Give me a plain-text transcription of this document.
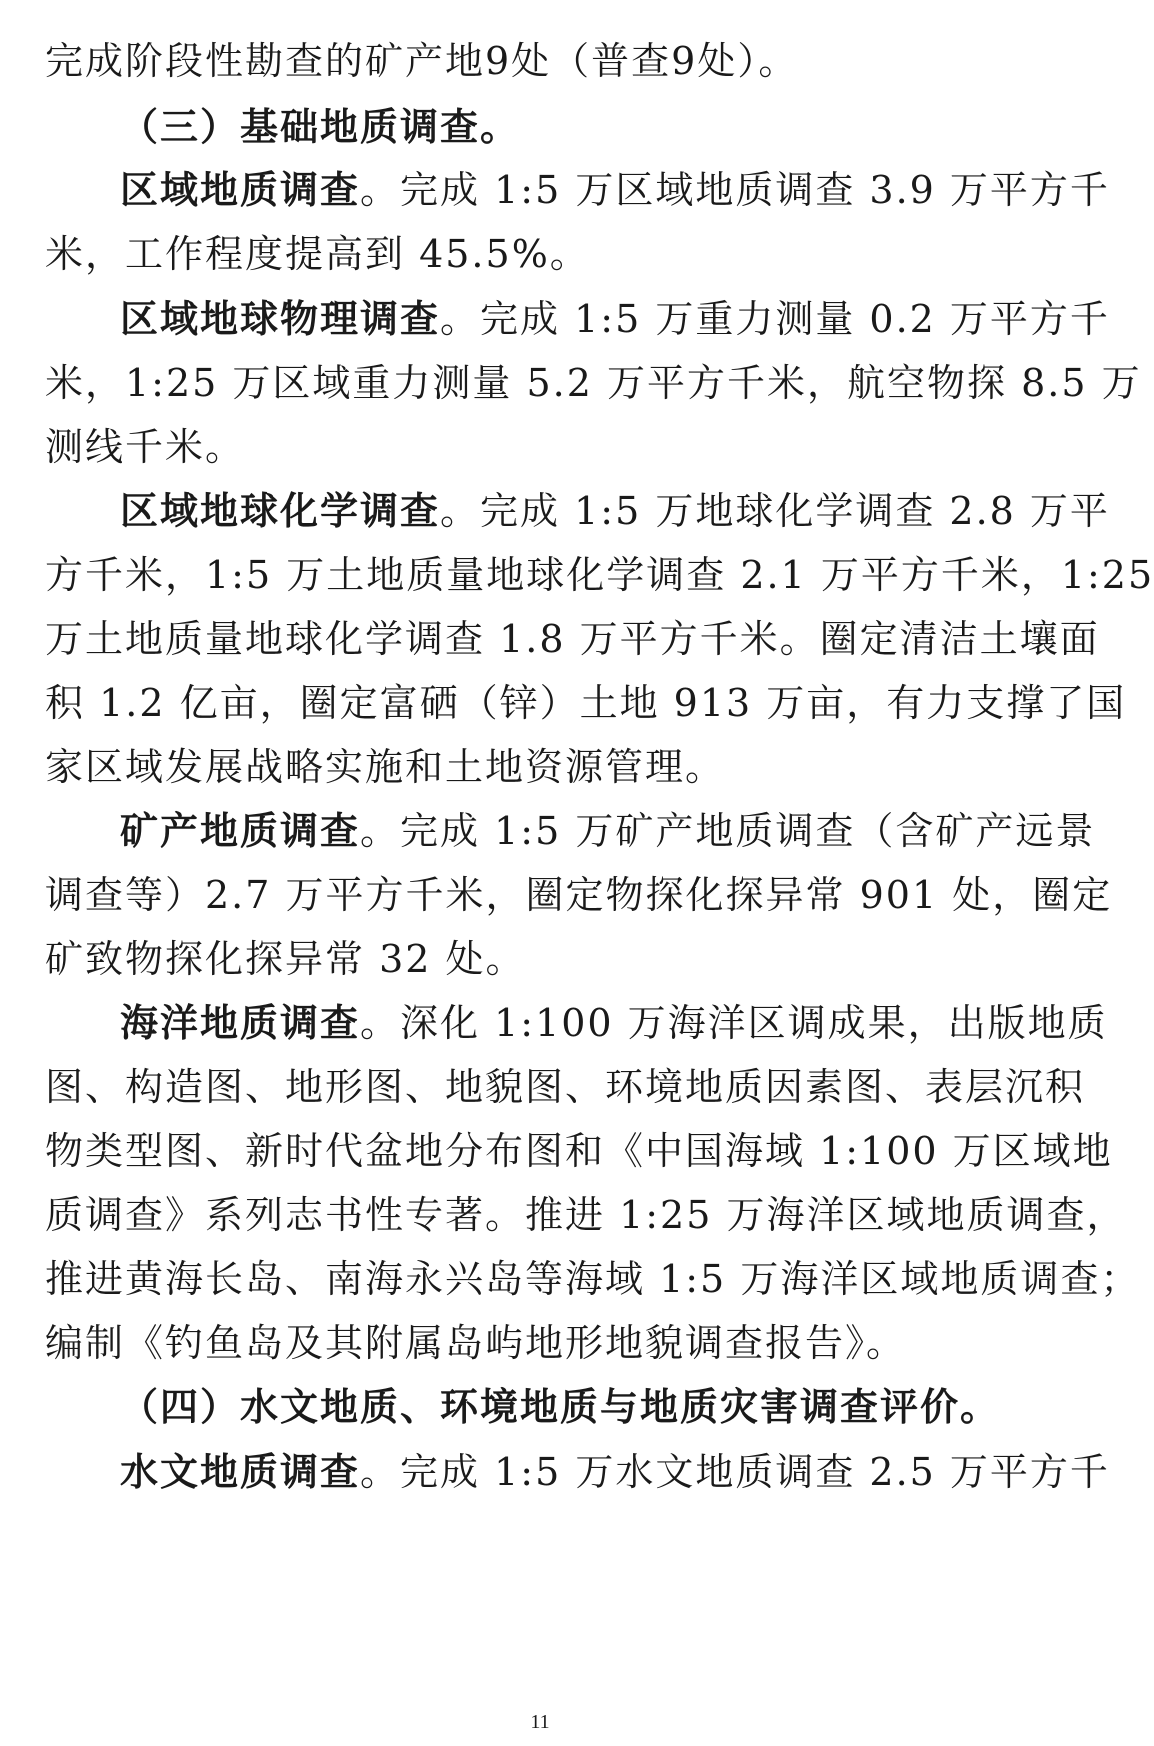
完成阶段性勘查的矿产地9处（普查9处）。
（三）基础地质调查。
区域地质调查。完成 1:5 万区域地质调查 3.9 万平方千
米，工作程度提高到 45.5%。
区域地球物理调查。完成 1:5 万重力测量 0.2 万平方千
米，1:25 万区域重力测量 5.2 万平方千米，航空物探 8.5 万
测线千米。
区域地球化学调查。完成 1:5 万地球化学调查 2.8 万平
方千米，1:5 万土地质量地球化学调查 2.1 万平方千米，1:25
万土地质量地球化学调查 1.8 万平方千米。圈定清洁土壤面
积 1.2 亿亩，圈定富硒（锌）土地 913 万亩，有力支撑了国
家区域发展战略实施和土地资源管理。
矿产地质调查。完成 1:5 万矿产地质调查（含矿产远景
调查等）2.7 万平方千米，圈定物探化探异常 901 处，圈定
矿致物探化探异常 32 处。
海洋地质调查。深化 1:100 万海洋区调成果，出版地质
图、构造图、地形图、地貌图、环境地质因素图、表层沉积
物类型图、新时代盆地分布图和《中国海域 1:100 万区域地
质调查》系列志书性专著。推进 1:25 万海洋区域地质调查，
推进黄海长岛、南海永兴岛等海域 1:5 万海洋区域地质调查；
编制《钓鱼岛及其附属岛屿地形地貌调查报告》。
（四）水文地质、环境地质与地质灾害调查评价。
水文地质调查。完成 1:5 万水文地质调查 2.5 万平方千
11
